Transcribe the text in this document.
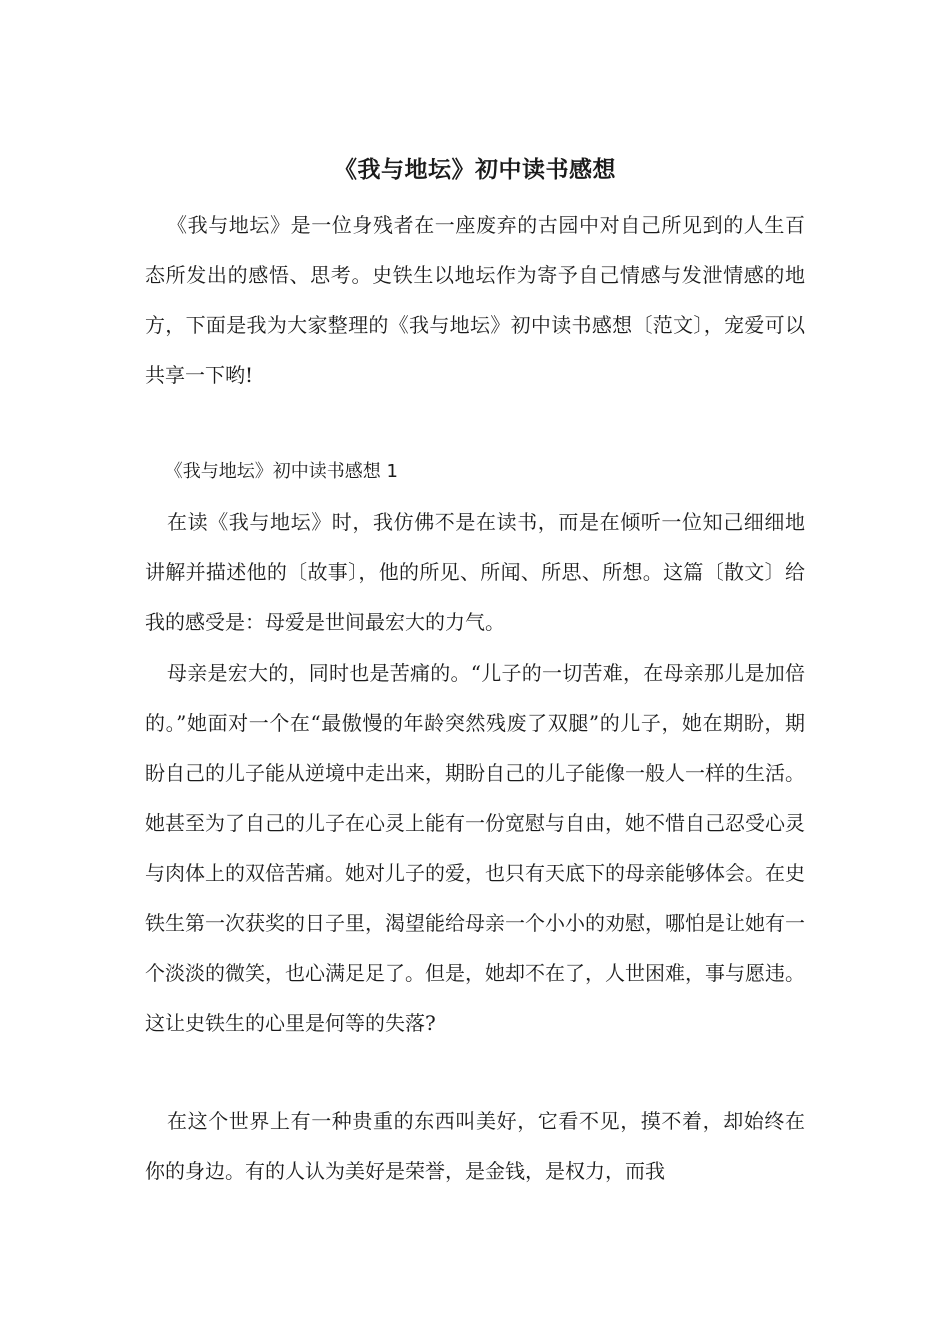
《我与地坛》初中读书感想

《我与地坛》是一位身残者在一座废弃的古园中对自己所见到的人生百态所发出的感悟、思考。史铁生以地坛作为寄予自己情感与发泄情感的地方，下面是我为大家整理的《我与地坛》初中读书感想〔范文〕，宠爱可以共享一下哟!

《我与地坛》初中读书感想 1

在读《我与地坛》时，我仿佛不是在读书，而是在倾听一位知己细细地讲解并描述他的〔故事〕，他的所见、所闻、所思、所想。这篇〔散文〕给我的感受是：母爱是世间最宏大的力气。

母亲是宏大的，同时也是苦痛的。“儿子的一切苦难，在母亲那儿是加倍的。”她面对一个在“最傲慢的年龄突然残废了双腿”的儿子，她在期盼，期盼自己的儿子能从逆境中走出来，期盼自己的儿子能像一般人一样的生活。她甚至为了自己的儿子在心灵上能有一份宽慰与自由，她不惜自己忍受心灵与肉体上的双倍苦痛。她对儿子的爱，也只有天底下的母亲能够体会。在史铁生第一次获奖的日子里，渴望能给母亲一个小小的劝慰，哪怕是让她有一个淡淡的微笑，也心满足足了。但是，她却不在了，人世困难，事与愿违。这让史铁生的心里是何等的失落?

在这个世界上有一种贵重的东西叫美好，它看不见，摸不着，却始终在你的身边。有的人认为美好是荣誉，是金钱，是权力，而我
